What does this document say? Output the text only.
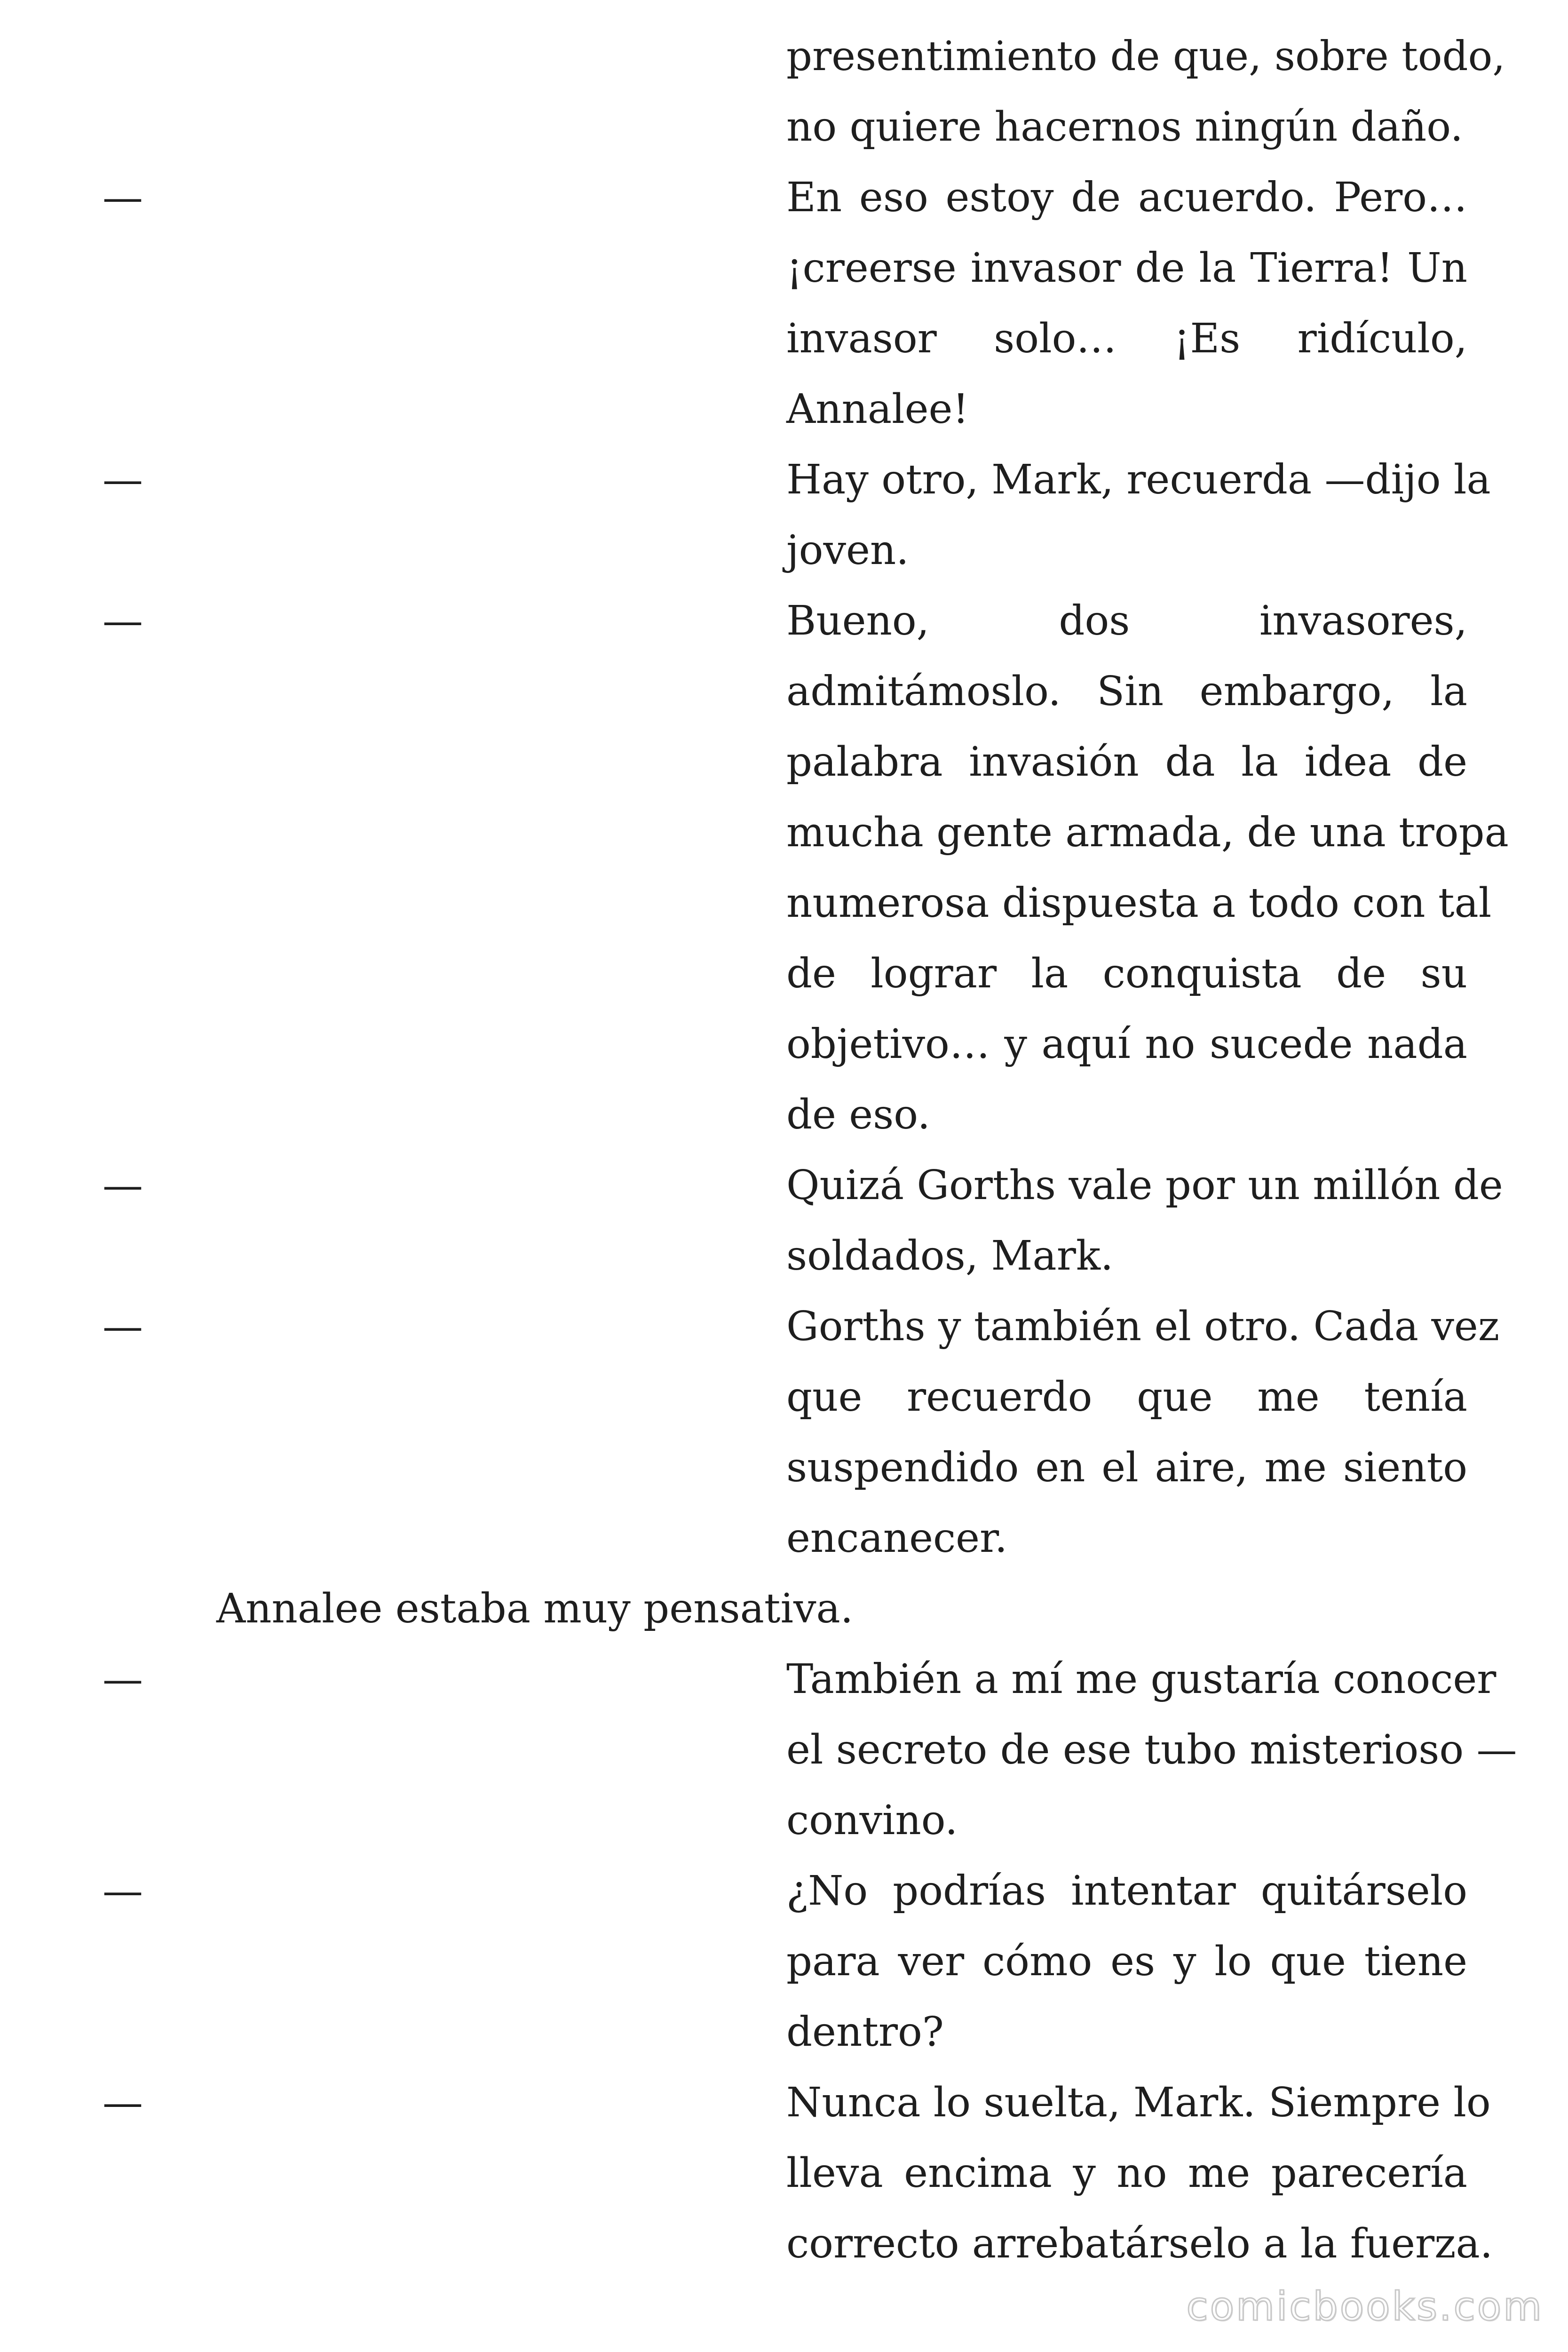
presentimiento de que, sobre todo,
no quiere hacernos ningún daño.
—	En eso estoy de acuerdo. Pero…
¡creerse invasor de la Tierra! Un
invasor solo… ¡Es ridículo,
Annalee!
—	Hay otro, Mark, recuerda —dijo la
joven.
—	Bueno, dos invasores,
admitámoslo. Sin embargo, la
palabra invasión da la idea de
mucha gente armada, de una tropa
numerosa dispuesta a todo con tal
de lograr la conquista de su
objetivo… y aquí no sucede nada
de eso.
—	Quizá Gorths vale por un millón de
soldados, Mark.
—	Gorths y también el otro. Cada vez
que recuerdo que me tenía
suspendido en el aire, me siento
encanecer.
Annalee estaba muy pensativa.
—	También a mí me gustaría conocer
el secreto de ese tubo misterioso —
convino.
—	¿No podrías intentar quitárselo
para ver cómo es y lo que tiene
dentro?
—	Nunca lo suelta, Mark. Siempre lo
lleva encima y no me parecería
correcto arrebatárselo a la fuerza.
comicbooks.com
